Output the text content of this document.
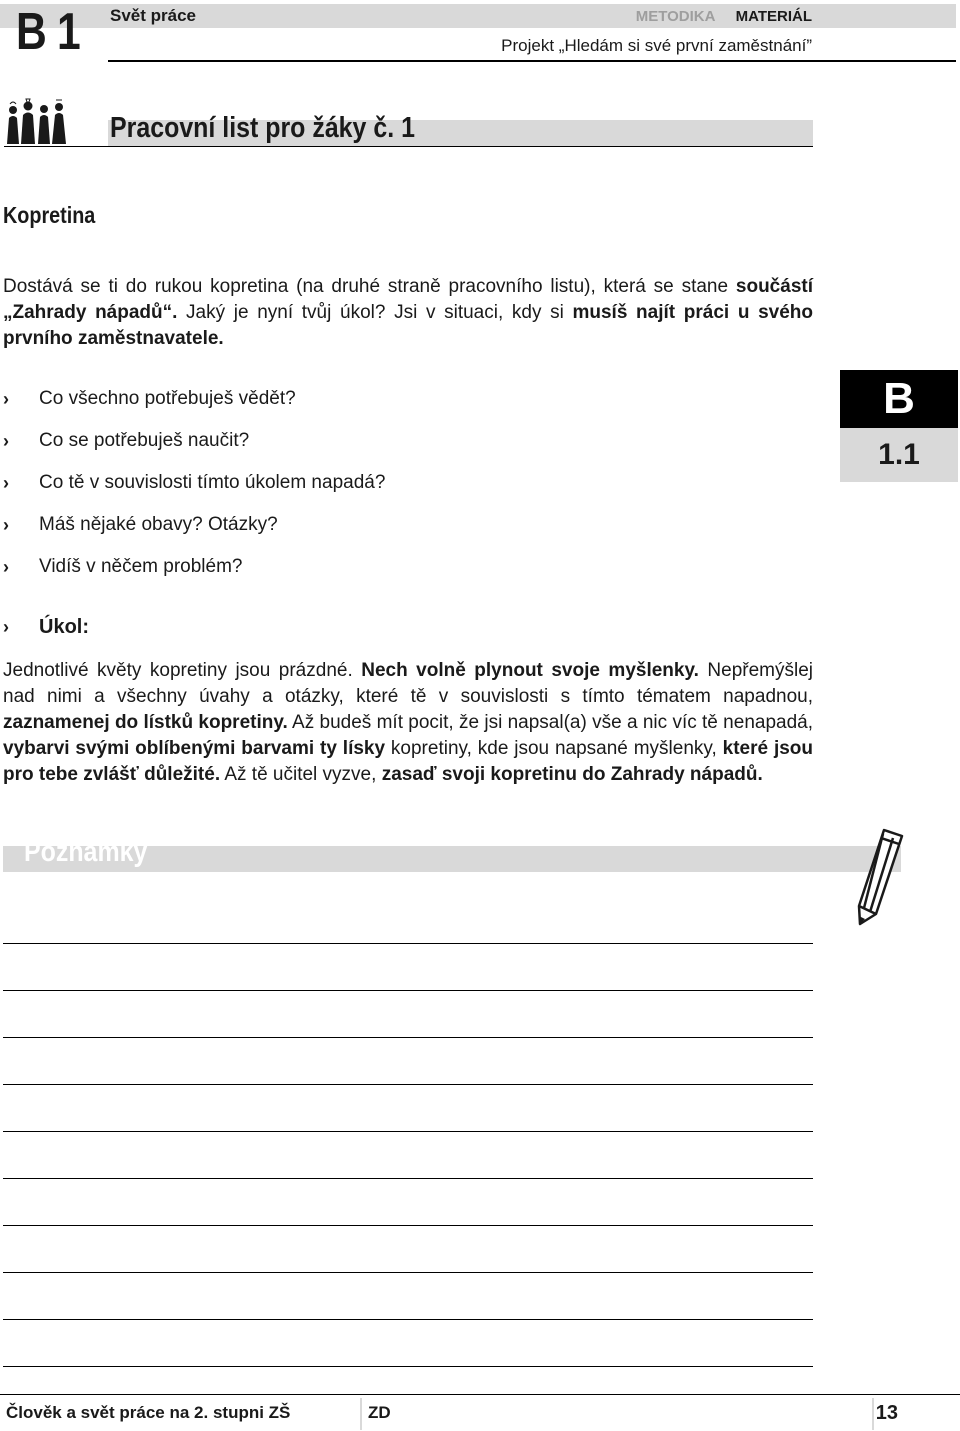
B 1 Svět práce	METODIKA MATERIÁL
Projekt „Hledám si své první zaměstnání”
Pracovní list pro žáky č. 1
Kopretina
Dostává se ti do rukou kopretina (na druhé straně pracovního listu), která se stane součástí „Zahrady nápadů“. Jaký je nyní tvůj úkol? Jsi v situaci, kdy si musíš najít práci u svého prvního zaměstnavatele.
›	Co všechno potřebuješ vědět?
›	Co se potřebuješ naučit?
›	Co tě v souvislosti tímto úkolem napadá?
›	Máš nějaké obavy? Otázky?
›	Vidíš v něčem problém?
›	Úkol:
Jednotlivé květy kopretiny jsou prázdné. Nech volně plynout svoje myšlenky. Nepřemýšlej nad nimi a všechny úvahy a otázky, které tě v souvislosti s tímto tématem napadnou, zaznamenej do lístků kopretiny. Až budeš mít pocit, že jsi napsal(a) vše a nic víc tě nenapadá, vybarvi svými oblíbenými barvami ty lísky kopretiny, kde jsou napsané myšlenky, které jsou pro tebe zvlášť důležité. Až tě učitel vyzve, zasaď svoji kopretinu do Zahrady nápadů.
B
1.1
Poznámky
Člověk a svět práce na 2. stupni ZŠ	ZD	13
